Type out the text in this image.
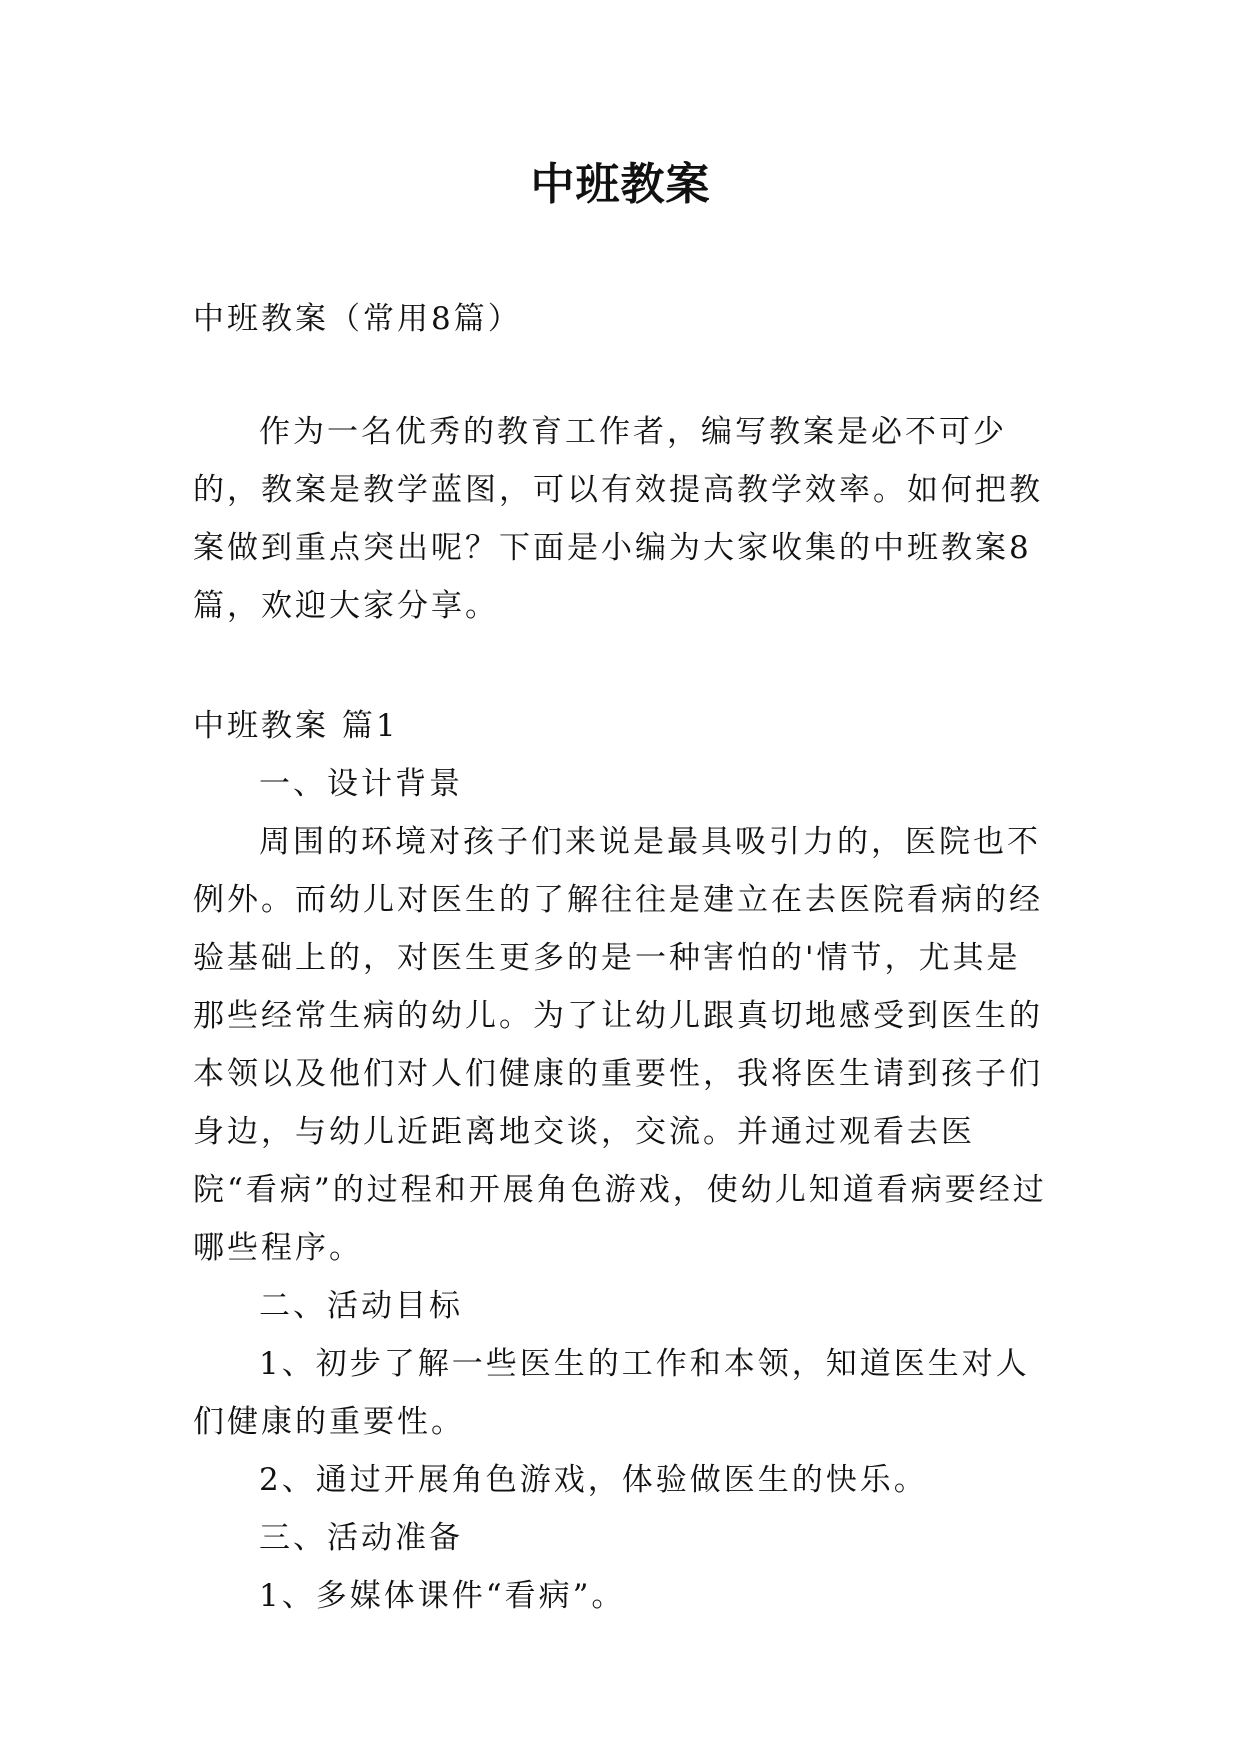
中班教案

中班教案（常用8篇）

作为一名优秀的教育工作者，编写教案是必不可少的，教案是教学蓝图，可以有效提高教学效率。如何把教案做到重点突出呢？下面是小编为大家收集的中班教案8篇，欢迎大家分享。

中班教案 篇1

一、设计背景

周围的环境对孩子们来说是最具吸引力的，医院也不例外。而幼儿对医生的了解往往是建立在去医院看病的经验基础上的，对医生更多的是一种害怕的'情节，尤其是那些经常生病的幼儿。为了让幼儿跟真切地感受到医生的本领以及他们对人们健康的重要性，我将医生请到孩子们身边，与幼儿近距离地交谈，交流。并通过观看去医院“看病”的过程和开展角色游戏，使幼儿知道看病要经过哪些程序。

二、活动目标

1、初步了解一些医生的工作和本领，知道医生对人们健康的重要性。

2、通过开展角色游戏，体验做医生的快乐。

三、活动准备

1、多媒体课件“看病”。
